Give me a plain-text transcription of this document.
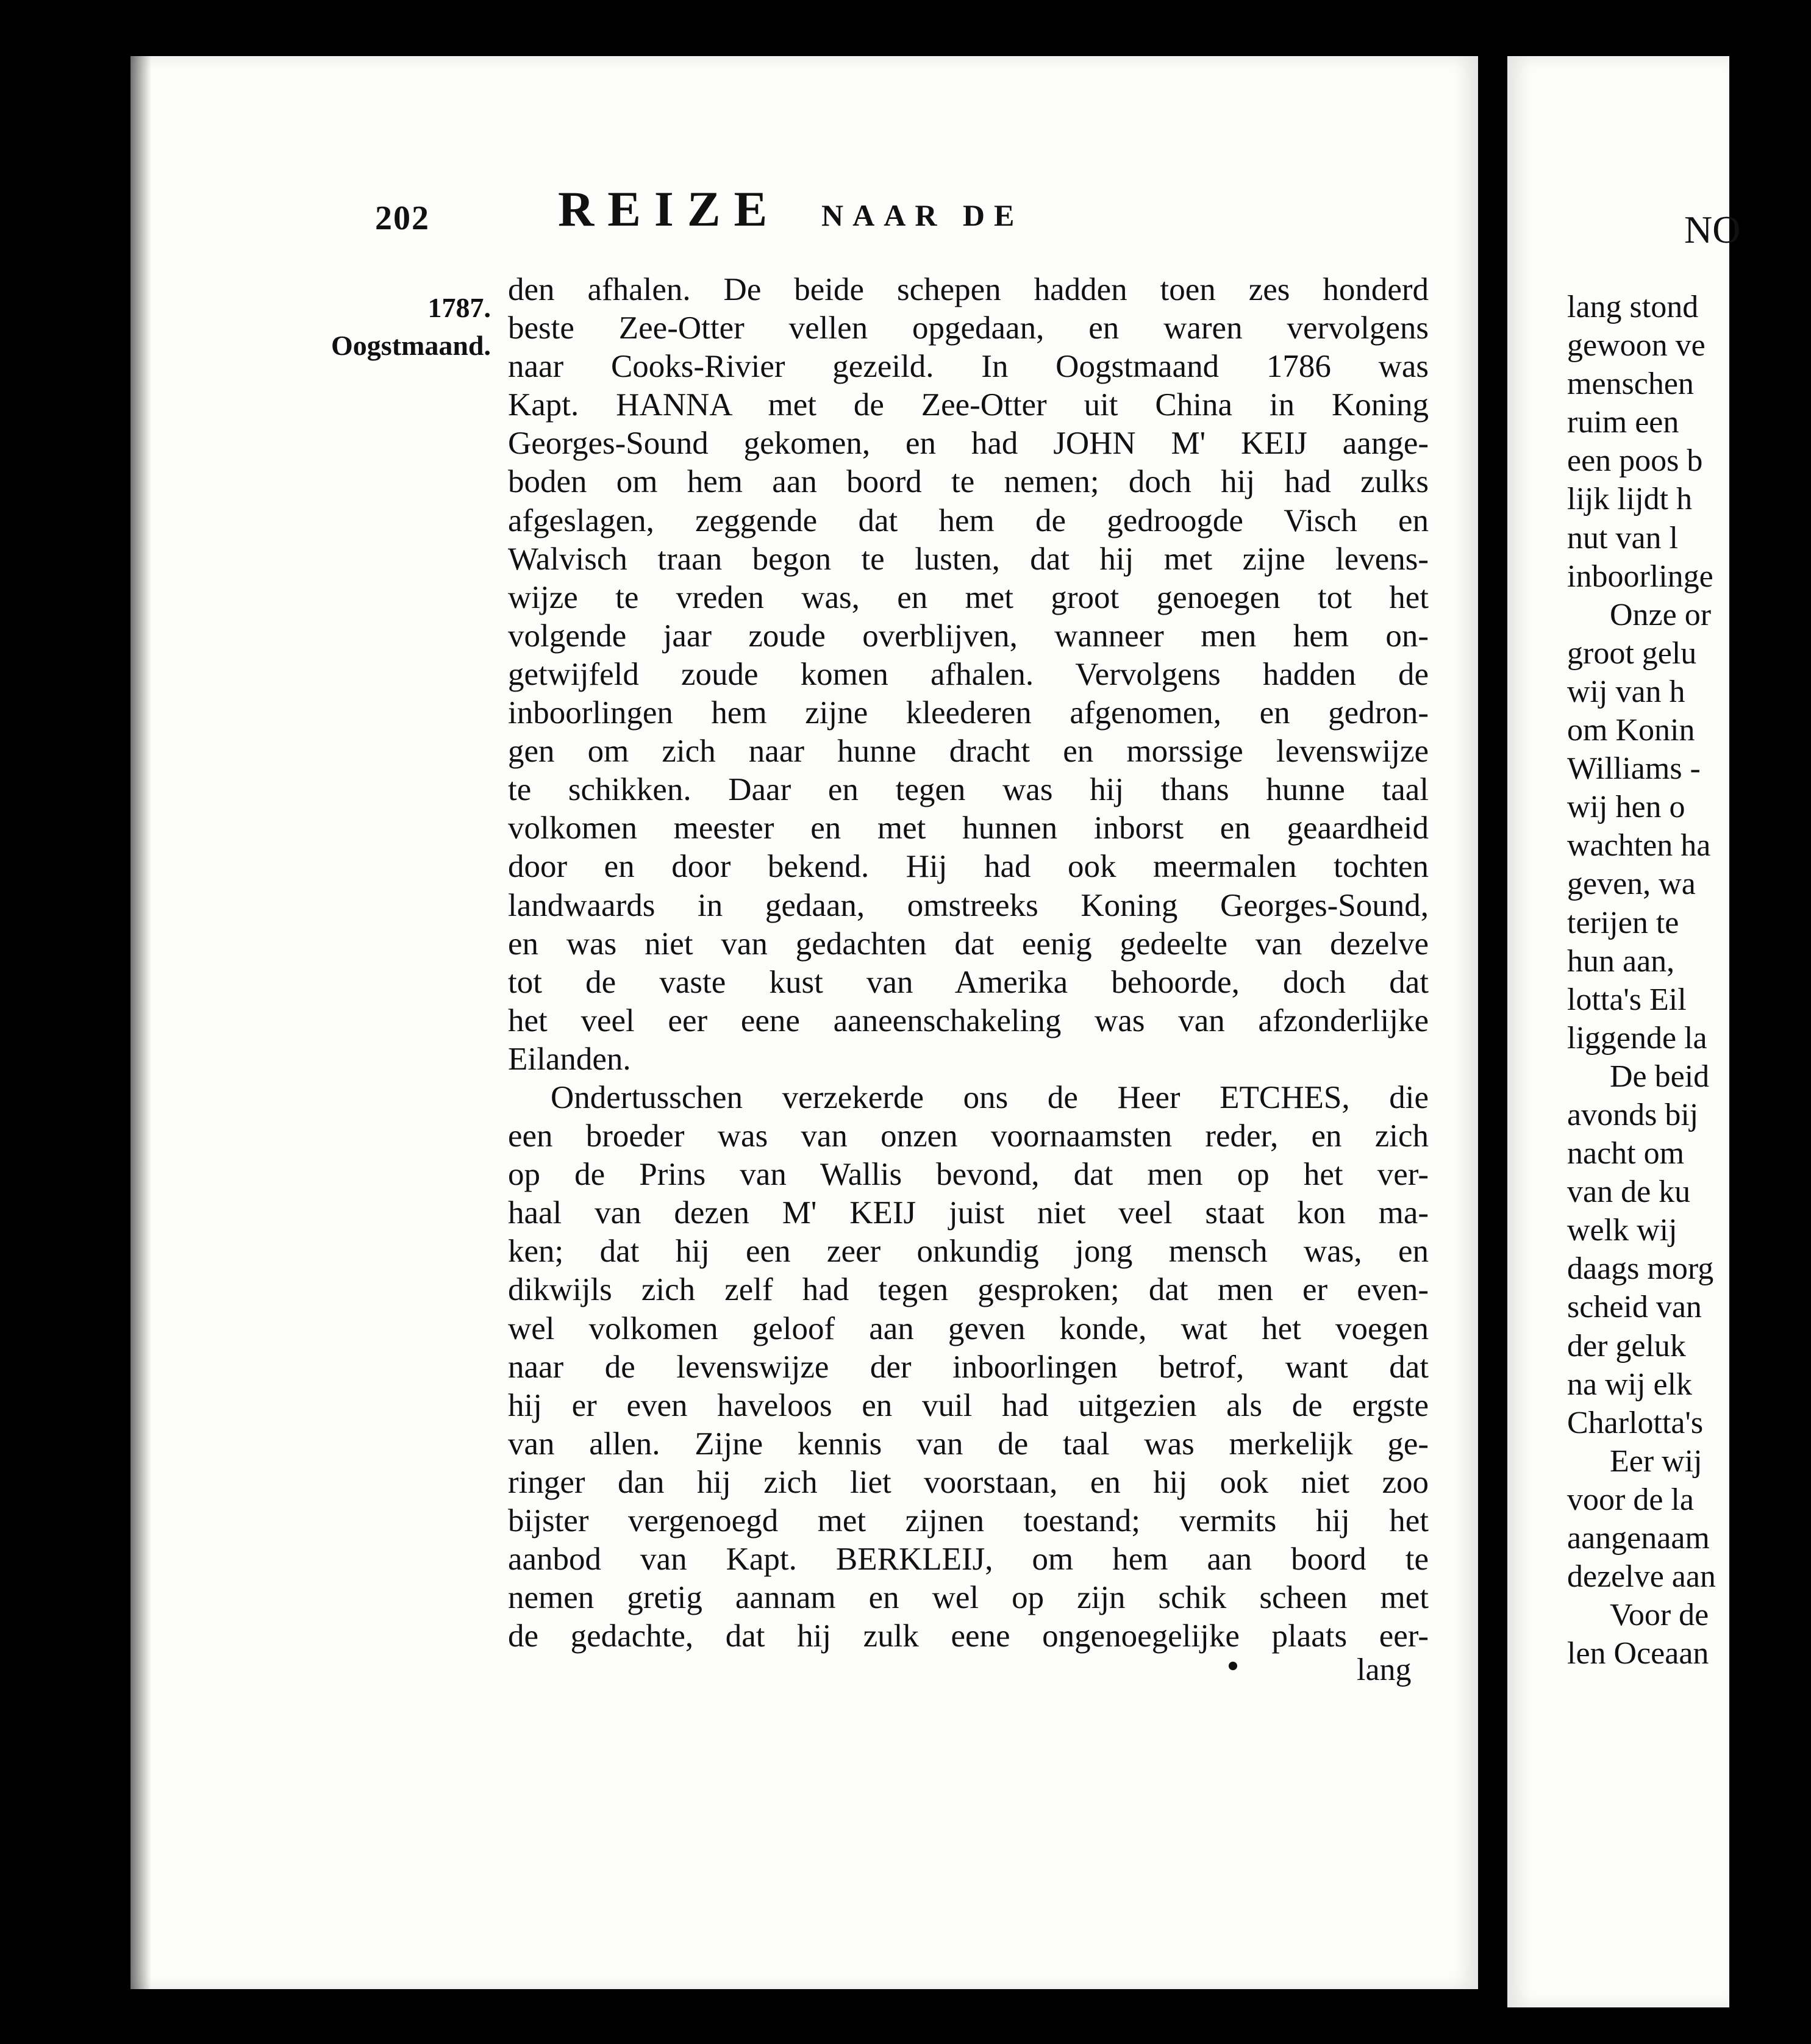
202	REIZE NAAR DE
1787.
Oogstmaand.
den afhalen. De beide schepen hadden toen zes honderd
beste Zee-Otter vellen opgedaan, en waren vervolgens
naar Cooks-Rivier gezeild. In Oogstmaand 1786 was
Kapt. HANNA met de Zee-Otter uit China in Koning
Georges-Sound gekomen, en had JOHN M' KEIJ aange-
boden om hem aan boord te nemen; doch hij had zulks
afgeslagen, zeggende dat hem de gedroogde Visch en
Walvisch traan begon te lusten, dat hij met zijne levens-
wijze te vreden was, en met groot genoegen tot het
volgende jaar zoude overblijven, wanneer men hem on-
getwijfeld zoude komen afhalen. Vervolgens hadden de
inboorlingen hem zijne kleederen afgenomen, en gedron-
gen om zich naar hunne dracht en morssige levenswijze
te schikken. Daar en tegen was hij thans hunne taal
volkomen meester en met hunnen inborst en geaardheid
door en door bekend. Hij had ook meermalen tochten
landwaards in gedaan, omstreeks Koning Georges-Sound,
en was niet van gedachten dat eenig gedeelte van dezelve
tot de vaste kust van Amerika behoorde, doch dat
het veel eer eene aaneenschakeling was van afzonderlijke
Eilanden.
Ondertusschen verzekerde ons de Heer ETCHES, die
een broeder was van onzen voornaamsten reder, en zich
op de Prins van Wallis bevond, dat men op het ver-
haal van dezen M' KEIJ juist niet veel staat kon ma-
ken; dat hij een zeer onkundig jong mensch was, en
dikwijls zich zelf had tegen gesproken; dat men er even-
wel volkomen geloof aan geven konde, wat het voegen
naar de levenswijze der inboorlingen betrof, want dat
hij er even haveloos en vuil had uitgezien als de ergste
van allen. Zijne kennis van de taal was merkelijk ge-
ringer dan hij zich liet voorstaan, en hij ook niet zoo
bijster vergenoegd met zijnen toestand; vermits hij het
aanbod van Kapt. BERKLEIJ, om hem aan boord te
nemen gretig aannam en wel op zijn schik scheen met
de gedachte, dat hij zulk eene ongenoegelijke plaats eer-
lang
NO
lang stond
gewoon ve
menschen
ruim een
een poos b
lijk lijdt h
nut van l
inboorlinge
Onze or
groot gelu
wij van h
om Konin
Williams -
wij hen o
wachten ha
geven, wa
terijen te
hun aan,
lotta's Eil
liggende la
De beid
avonds bij
nacht om
van de ku
welk wij
daags morg
scheid van
der geluk
na wij elk
Charlotta's
Eer wij
voor de la
aangenaam
dezelve aan
Voor de
len Oceaan
